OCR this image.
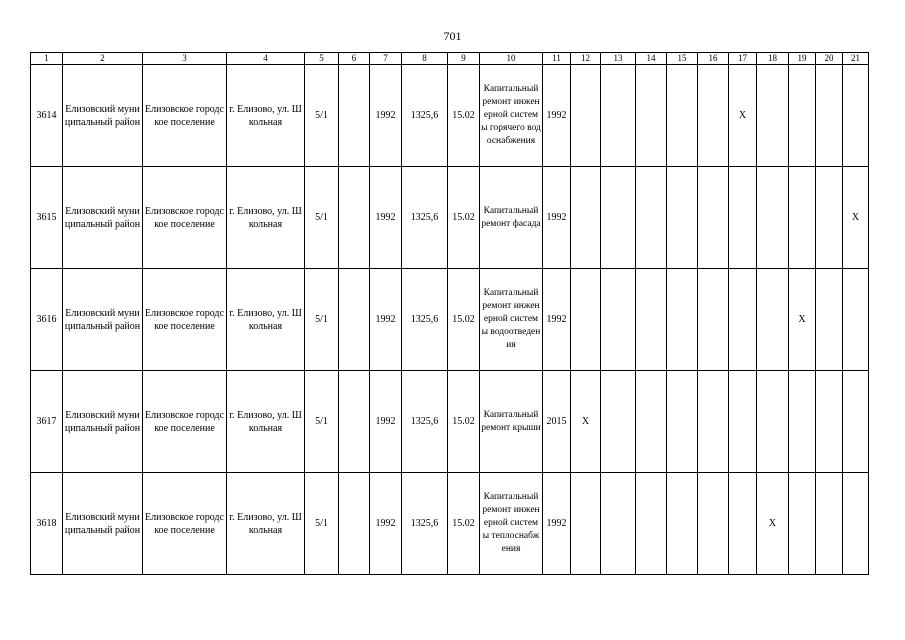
701
1	2	3	4	5	6	7	8	9	10	11	12	13	14	15	16	17	18	19	20	21
3614	Елизовский муниципальный район	Елизовское городское поселение	г. Елизово, ул. Школьная	5/1		1992	1325,6	15.02	Капитальный ремонт инженерной системы горячего водоснабжения	1992						X				
3615	Елизовский муниципальный район	Елизовское городское поселение	г. Елизово, ул. Школьная	5/1		1992	1325,6	15.02	Капитальный ремонт фасада	1992										X
3616	Елизовский муниципальный район	Елизовское городское поселение	г. Елизово, ул. Школьная	5/1		1992	1325,6	15.02	Капитальный ремонт инженерной системы водоотведения	1992								X		
3617	Елизовский муниципальный район	Елизовское городское поселение	г. Елизово, ул. Школьная	5/1		1992	1325,6	15.02	Капитальный ремонт крыши	2015	X									
3618	Елизовский муниципальный район	Елизовское городское поселение	г. Елизово, ул. Школьная	5/1		1992	1325,6	15.02	Капитальный ремонт инженерной системы теплоснабжения	1992							X			
